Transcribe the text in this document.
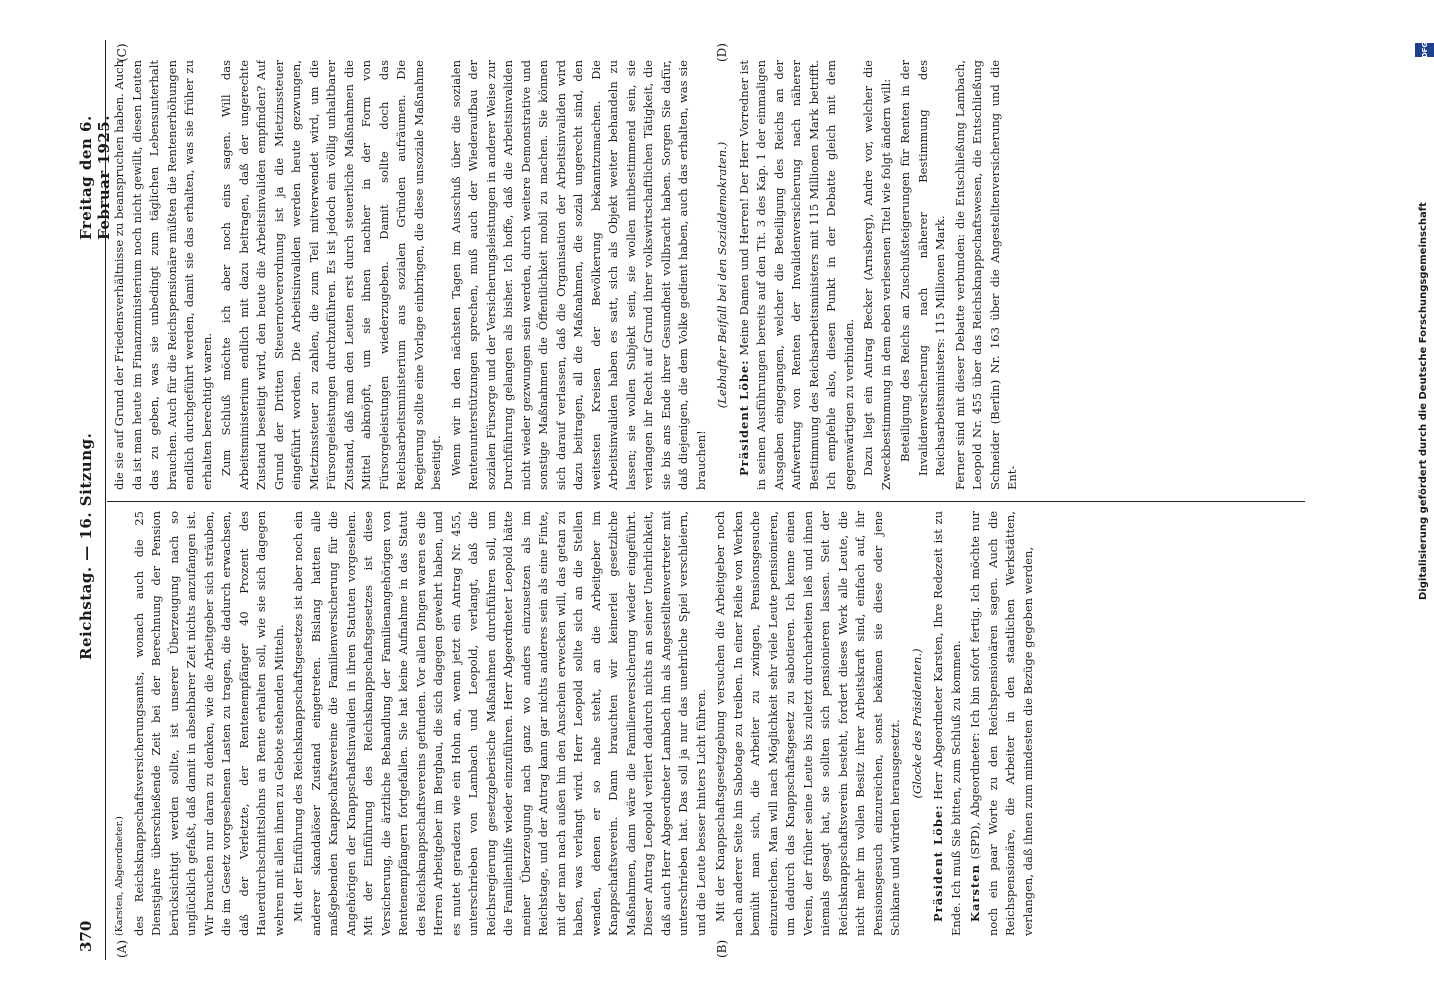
370
Reichstag. — 16. Sitzung.
Freitag den 6. Februar 1925.
(A)	(B)
(C)	(D)

(Karsten, Abgeordneter.) des Reichsknappschaftsversicherungsamts, wonach auch die 25 Dienstjahre überschießende Zeit bei der Berechnung der Pension berücksichtigt werden sollte, ist unserer Überzeugung nach so unglücklich gefaßt, daß damit in absehbarer Zeit nichts anzufangen ist. Wir brauchen nur daran zu denken, wie die Arbeitgeber sich sträuben, die im Gesetz vorgesehenen Lasten zu tragen, die dadurch erwachsen, daß der Verletzte, der Rentenempfänger 40 Prozent des Hauerdurchschnittslohns an Rente erhalten soll, wie sie sich dagegen wehren mit allen ihnen zu Gebote stehenden Mitteln. Mit der Einführung des Reichsknappschaftsgesetzes ist aber noch ein anderer skandalöser Zustand eingetreten. Bislang hatten alle maßgebenden Knappschaftsvereine die Familienversicherung für die Angehörigen der Knappschaftsinvaliden in ihren Statuten vorgesehen. Mit der Einführung des Reichsknappschaftsgesetzes ist diese Versicherung, die ärztliche Behandlung der Familienangehörigen von Rentenempfängern fortgefallen. Sie hat keine Aufnahme in das Statut des Reichsknappschaftsvereins gefunden. Vor allen Dingen waren es die Herren Arbeitgeber im Bergbau, die sich dagegen gewehrt haben, und es mutet geradezu wie ein Hohn an, wenn jetzt ein Antrag Nr. 455, unterschrieben von Lambach und Leopold, verlangt, daß die Reichsregierung gesetzgeberische Maßnahmen durchführen soll, um die Familienhilfe wieder einzuführen. Herr Abgeordneter Leopold hätte meiner Überzeugung nach ganz wo anders einzusetzen als im Reichstage, und der Antrag kann gar nichts anderes sein als eine Finte, mit der man nach außen hin den Anschein erwecken will, das getan zu haben, was verlangt wird. Herr Leopold sollte sich an die Stellen wenden, denen er so nahe steht, an die Arbeitgeber im Knappschaftsverein. Dann brauchten wir keinerlei gesetzliche Maßnahmen, dann wäre die Familienversicherung wieder eingeführt. Dieser Antrag Leopold verliert dadurch nichts an seiner Unehrlichkeit, daß auch Herr Abgeordneter Lambach ihn als Angestelltenvertreter mit unterschrieben hat. Das soll ja nur das unehrliche Spiel verschleiern, und die Leute besser hinters Licht führen. Mit der Knappschaftsgesetzgebung versuchen die Arbeitgeber noch nach anderer Seite hin Sabotage zu treiben. In einer Reihe von Werken bemüht man sich, die Arbeiter zu zwingen, Pensionsgesuche einzureichen. Man will nach Möglichkeit sehr viele Leute pensionieren, um dadurch das Knappschaftsgesetz zu sabotieren. Ich kenne einen Verein, der früher seine Leute bis zuletzt durcharbeiten ließ und ihnen niemals gesagt hat, sie sollten sich pensionieren lassen. Seit der Reichsknappschaftsverein besteht, fordert dieses Werk alle Leute, die nicht mehr im vollen Besitz ihrer Arbeitskraft sind, einfach auf, ihr Pensionsgesuch einzureichen, sonst bekämen sie diese oder jene Schikane und würden herausgesetzt. (Glocke des Präsidenten.)

Präsident Löbe: Herr Abgeordneter Karsten, Ihre Redezeit ist zu Ende. Ich muß Sie bitten, zum Schluß zu kommen. Karsten (SPD), Abgeordneter: Ich bin sofort fertig. Ich möchte nur noch ein paar Worte zu den Reichspensionären sagen. Auch die Reichspensionäre, die Arbeiter in den staatlichen Werkstätten, verlangen, daß ihnen zum mindesten die Bezüge gegeben werden,

die sie auf Grund der Friedensverhältnisse zu beanspruchen haben. Auch da ist man heute im Finanzministerium noch nicht gewillt, diesen Leuten das zu geben, was sie unbedingt zum täglichen Lebensunterhalt brauchen. Auch für die Reichspensionäre müßten die Rentenerhöhungen endlich durchgeführt werden, damit sie das erhalten, was sie früher zu erhalten berechtigt waren. Zum Schluß möchte ich aber noch eins sagen. Will das Arbeitsministerium endlich mit dazu beitragen, daß der ungerechte Zustand beseitigt wird, den heute die Arbeitsinvaliden empfinden? Auf Grund der Dritten Steuernotverordnung ist ja die Mietzinssteuer eingeführt worden. Die Arbeitsinvaliden werden heute gezwungen, Mietzinssteuer zu zahlen, die zum Teil mitverwendet wird, um die Fürsorgeleistungen durchzuführen. Es ist jedoch ein völlig unhaltbarer Zustand, daß man den Leuten erst durch steuerliche Maßnahmen die Mittel abknöpft, um sie ihnen nachher in der Form von Fürsorgeleistungen wiederzugeben. Damit sollte doch das Reichsarbeitsministerium aus sozialen Gründen aufräumen. Die Regierung sollte eine Vorlage einbringen, die diese unsoziale Maßnahme beseitigt. Wenn wir in den nächsten Tagen im Ausschuß über die sozialen Rentenunterstützungen sprechen, muß auch der Wiederaufbau der sozialen Fürsorge und der Versicherungsleistungen in anderer Weise zur Durchführung gelangen als bisher. Ich hoffe, daß die Arbeitsinvaliden nicht wieder gezwungen sein werden, durch weitere Demonstrative und sonstige Maßnahmen die Öffentlichkeit mobil zu machen. Sie können sich darauf verlassen, daß die Organisation der Arbeitsinvaliden wird dazu beitragen, all die Maßnahmen, die sozial ungerecht sind, den weitesten Kreisen der Bevölkerung bekanntzumachen. Die Arbeitsinvaliden haben es satt, sich als Objekt weiter behandeln zu lassen; sie wollen Subjekt sein, sie wollen mitbestimmend sein, sie verlangen ihr Recht auf Grund ihrer volkswirtschaftlichen Tätigkeit, die sie bis ans Ende ihrer Gesundheit vollbracht haben. Sorgen Sie dafür, daß diejenigen, die dem Volke gedient haben, auch das erhalten, was sie brauchen!

(Lebhafter Beifall bei den Sozialdemokraten.)

Präsident Löbe: Meine Damen und Herren! Der Herr Vorredner ist in seinen Ausführungen bereits auf den Tit. 3 des Kap. 1 der einmaligen Ausgaben eingegangen, welcher die Beteiligung des Reichs an der Aufwertung von Renten der Invalidenversicherung nach näherer Bestimmung des Reichsarbeitsministers mit 115 Millionen Mark betrifft. Ich empfehle also, diesen Punkt in der Debatte gleich mit dem gegenwärtigen zu verbinden. Dazu liegt ein Antrag Becker (Arnsberg), Andre vor, welcher die Zweckbestimmung in dem eben verlesenen Titel wie folgt ändern will: Beteiligung des Reichs an Zuschußsteigerungen für Renten in der Invalidenversicherung nach näherer Bestimmung des Reichsarbeitsministers: 115 Millionen Mark. Ferner sind mit dieser Debatte verbunden: die Entschließung Lambach, Leopold Nr. 455 über das Reichsknappschaftswesen, die Entschließung Schneider (Berlin) Nr. 163 über die Angestelltenversicherung und die Ent-	Digitalisierung gefördert durch die Deutsche Forschungsgemeinschaft
DFG
